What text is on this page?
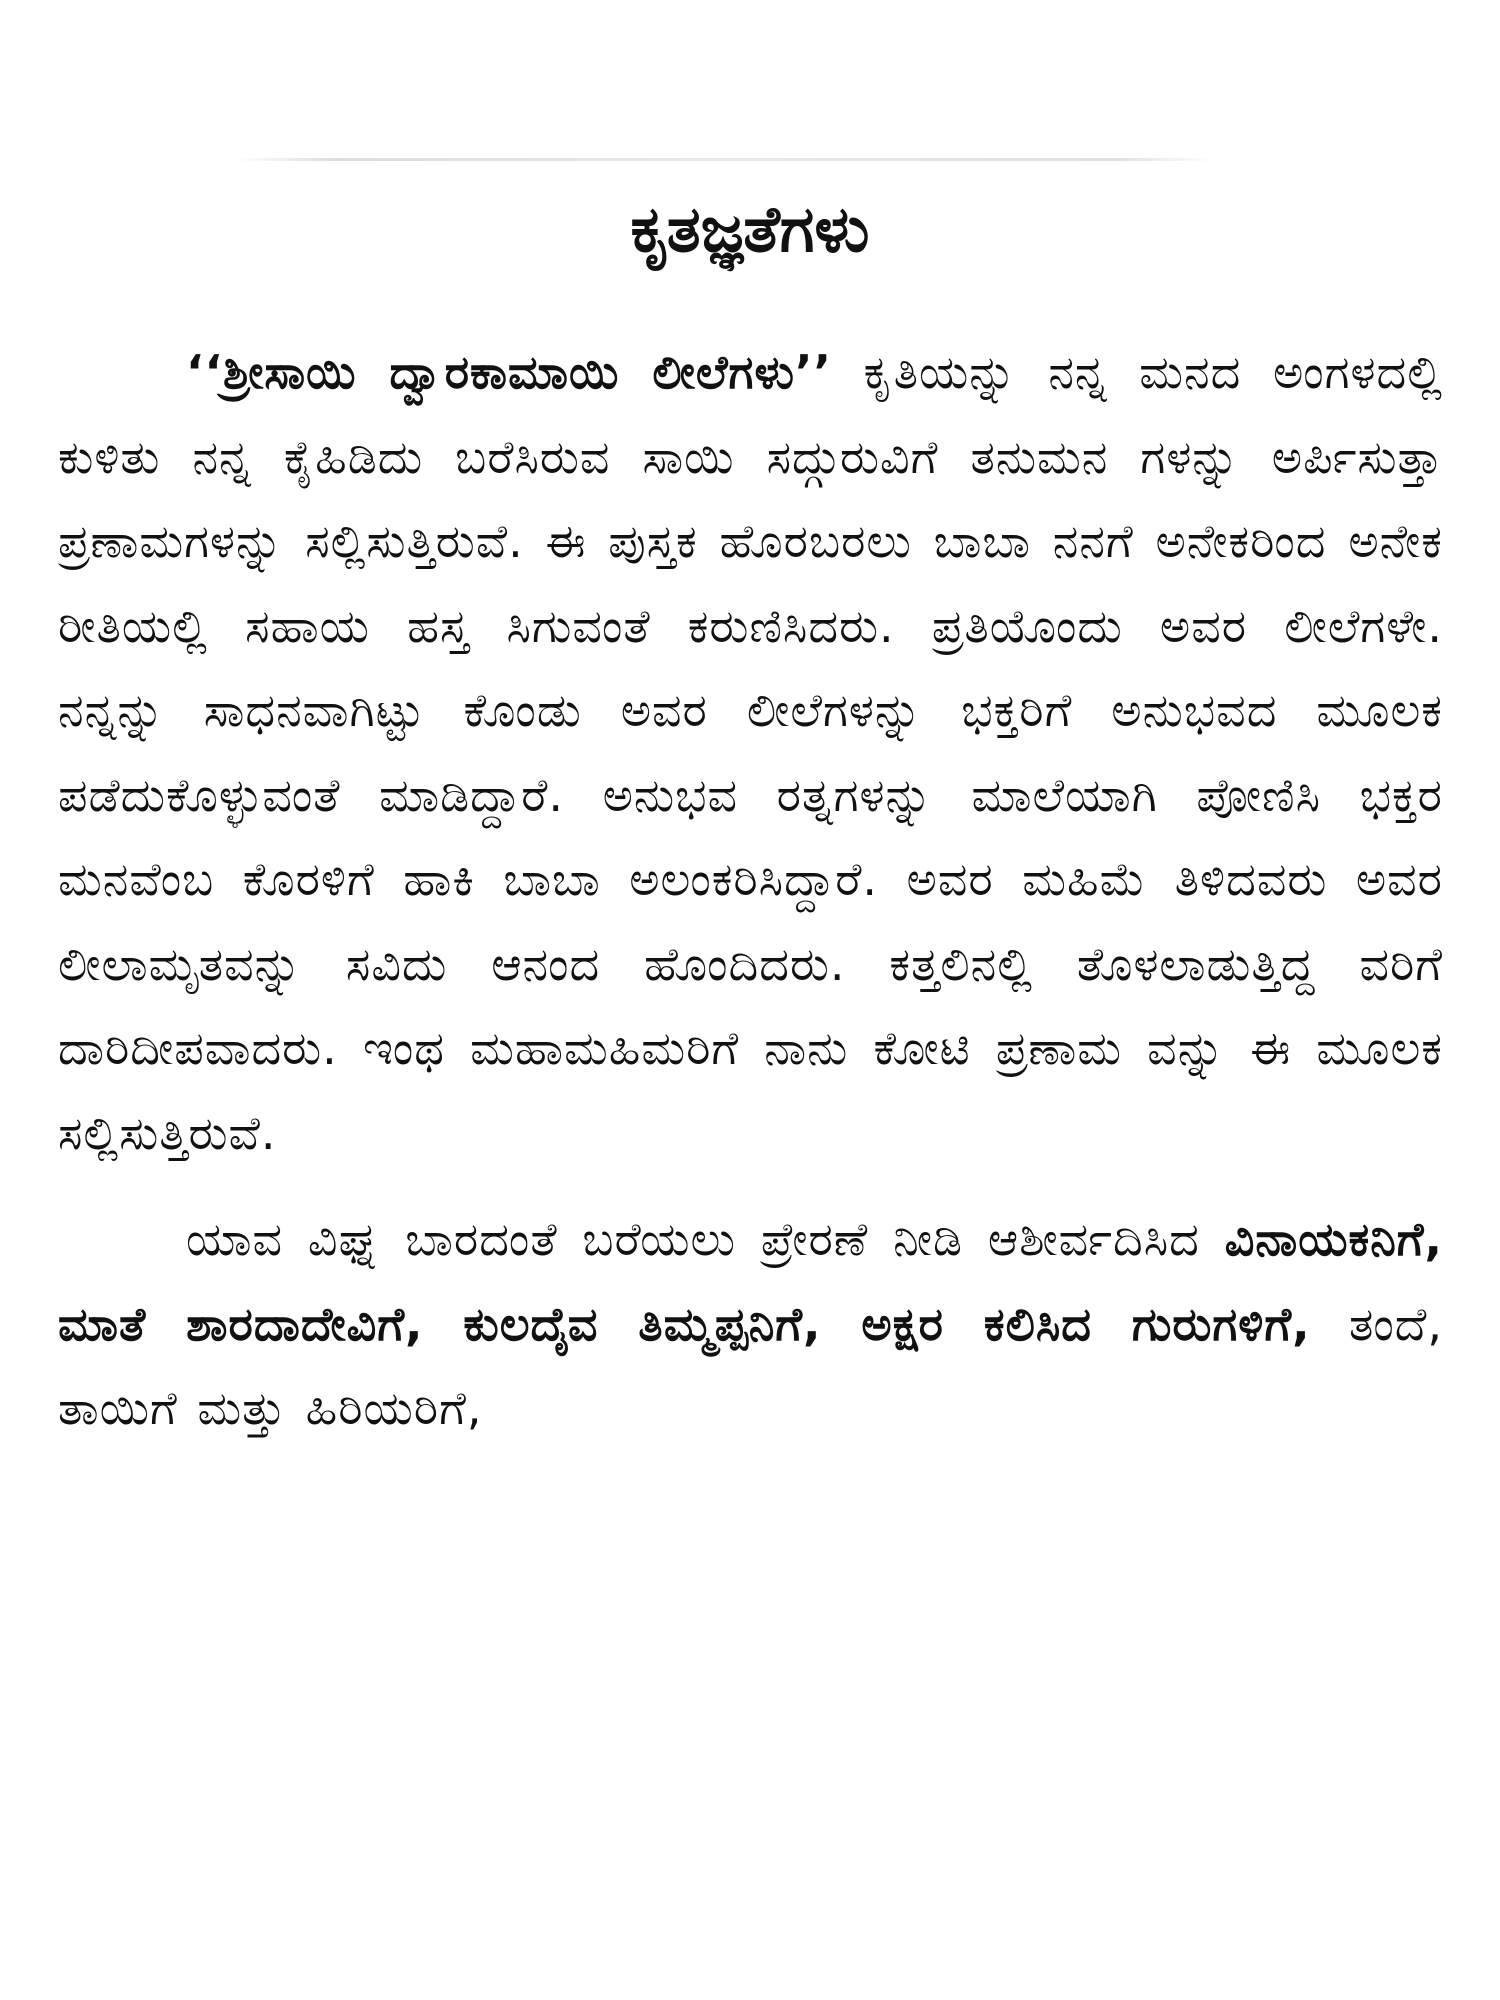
ಕೃತಜ್ಞತೆಗಳು

‘‘ಶ್ರೀಸಾಯಿ ದ್ವಾರಕಾಮಾಯಿ ಲೀಲೆಗಳು’’ ಕೃತಿಯನ್ನು ನನ್ನ ಮನದ ಅಂಗಳದಲ್ಲಿ ಕುಳಿತು ನನ್ನ ಕೈಹಿಡಿದು ಬರೆಸಿರುವ ಸಾಯಿ ಸದ್ಗುರುವಿಗೆ ತನುಮನ ಗಳನ್ನು ಅರ್ಪಿಸುತ್ತಾ ಪ್ರಣಾಮಗಳನ್ನು ಸಲ್ಲಿಸುತ್ತಿರುವೆ. ಈ ಪುಸ್ತಕ ಹೊರಬರಲು ಬಾಬಾ ನನಗೆ ಅನೇಕರಿಂದ ಅನೇಕ ರೀತಿಯಲ್ಲಿ ಸಹಾಯ ಹಸ್ತ ಸಿಗುವಂತೆ ಕರುಣಿಸಿದರು. ಪ್ರತಿಯೊಂದು ಅವರ ಲೀಲೆಗಳೇ. ನನ್ನನ್ನು ಸಾಧನವಾಗಿಟ್ಟು ಕೊಂಡು ಅವರ ಲೀಲೆಗಳನ್ನು ಭಕ್ತರಿಗೆ ಅನುಭವದ ಮೂಲಕ ಪಡೆದುಕೊಳ್ಳುವಂತೆ ಮಾಡಿದ್ದಾರೆ. ಅನುಭವ ರತ್ನಗಳನ್ನು ಮಾಲೆಯಾಗಿ ಪೋಣಿಸಿ ಭಕ್ತರ ಮನವೆಂಬ ಕೊರಳಿಗೆ ಹಾಕಿ ಬಾಬಾ ಅಲಂಕರಿಸಿದ್ದಾರೆ. ಅವರ ಮಹಿಮೆ ತಿಳಿದವರು ಅವರ ಲೀಲಾಮೃತವನ್ನು ಸವಿದು ಆನಂದ ಹೊಂದಿದರು. ಕತ್ತಲಿನಲ್ಲಿ ತೊಳಲಾಡುತ್ತಿದ್ದ ವರಿಗೆ ದಾರಿದೀಪವಾದರು. ಇಂಥ ಮಹಾಮಹಿಮರಿಗೆ ನಾನು ಕೋಟಿ ಪ್ರಣಾಮ ವನ್ನು ಈ ಮೂಲಕ ಸಲ್ಲಿಸುತ್ತಿರುವೆ.

ಯಾವ ವಿಘ್ನ ಬಾರದಂತೆ ಬರೆಯಲು ಪ್ರೇರಣೆ ನೀಡಿ ಆಶೀರ್ವದಿಸಿದ ವಿನಾಯಕನಿಗೆ, ಮಾತೆ ಶಾರದಾದೇವಿಗೆ, ಕುಲದೈವ ತಿಮ್ಮಪ್ಪನಿಗೆ, ಅಕ್ಷರ ಕಲಿಸಿದ ಗುರುಗಳಿಗೆ, ತಂದೆ, ತಾಯಿಗೆ ಮತ್ತು ಹಿರಿಯರಿಗೆ,
